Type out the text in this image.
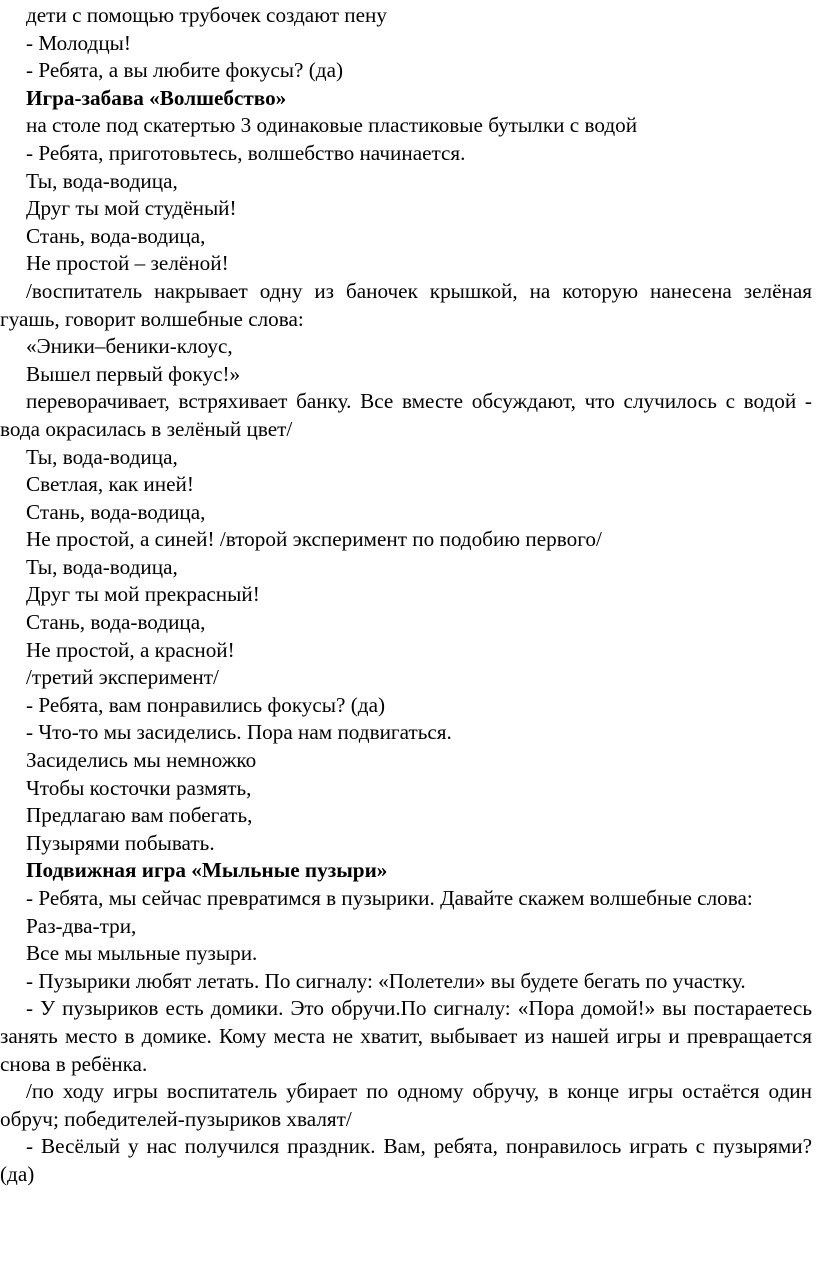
дети с помощью трубочек создают пену

- Молодцы!

- Ребята, а вы любите фокусы? (да)

Игра-забава «Волшебство»

на столе под скатертью 3 одинаковые пластиковые бутылки с водой

- Ребята, приготовьтесь, волшебство начинается.

Ты, вода-водица,

Друг ты мой студёный!

Стань, вода-водица,

Не простой – зелёной!

/воспитатель накрывает одну из баночек крышкой, на которую нанесена зелёная гуашь, говорит волшебные слова:

«Эники–беники-клоус,

Вышел первый фокус!»

переворачивает, встряхивает банку. Все вместе обсуждают, что случилось с водой - вода окрасилась в зелёный цвет/

Ты, вода-водица,

Светлая, как иней!

Стань, вода-водица,

Не простой, а синей! /второй эксперимент по подобию первого/

Ты, вода-водица,

Друг ты мой прекрасный!

Стань, вода-водица,

Не простой, а красной!

/третий эксперимент/

- Ребята, вам понравились фокусы? (да)

- Что-то мы засиделись. Пора нам подвигаться.

Засиделись мы немножко

Чтобы косточки размять,

Предлагаю вам побегать,

Пузырями побывать.

Подвижная игра «Мыльные пузыри»

- Ребята, мы сейчас превратимся в пузырики. Давайте скажем волшебные слова:

Раз-два-три,

Все мы мыльные пузыри.

- Пузырики любят летать. По сигналу: «Полетели» вы будете бегать по участку.

- У пузыриков есть домики. Это обручи.По сигналу: «Пора домой!» вы постараетесь занять место в домике. Кому места не хватит, выбывает из нашей игры и превращается снова в ребёнка.

/по ходу игры воспитатель убирает по одному обручу, в конце игры остаётся один обруч; победителей-пузыриков хвалят/

- Весёлый у нас получился праздник. Вам, ребята, понравилось играть с пузырями? (да)
